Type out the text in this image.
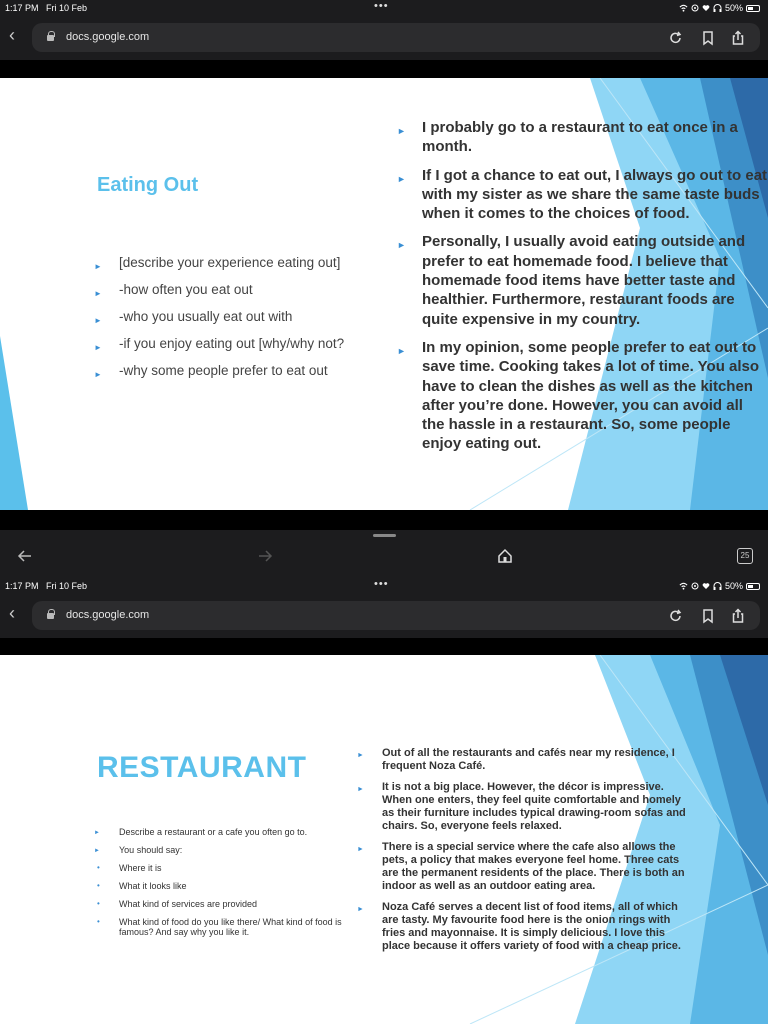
1:17 PM Fri 10 Feb	•••	50%
‹	docs.google.com
Eating Out
► [describe your experience eating out]
► -how often you eat out
► -who you usually eat out with
► -if you enjoy eating out [why/why not?
► -why some people prefer to eat out
► I probably go to a restaurant to eat once in a month.
► If I got a chance to eat out, I always go out to eat with my sister as we share the same taste buds when it comes to the choices of food.
► Personally, I usually avoid eating outside and prefer to eat homemade food. I believe that homemade food items have better taste and healthier. Furthermore, restaurant foods are quite expensive in my country.
► In my opinion, some people prefer to eat out to save time. Cooking takes a lot of time. You also have to clean the dishes as well as the kitchen after you’re done. However, you can avoid all the hassle in a restaurant. So, some people enjoy eating out.
25
1:17 PM Fri 10 Feb	•••	50%
‹	docs.google.com
RESTAURANT
► Describe a restaurant or a cafe you often go to.
► You should say:
• Where it is
• What it looks like
• What kind of services are provided
• What kind of food do you like there/ What kind of food is famous? And say why you like it.
► Out of all the restaurants and cafés near my residence, I frequent Noza Café.
► It is not a big place. However, the décor is impressive. When one enters, they feel quite comfortable and homely as their furniture includes typical drawing-room sofas and chairs. So, everyone feels relaxed.
► There is a special service where the cafe also allows the pets, a policy that makes everyone feel home. Three cats are the permanent residents of the place. There is both an indoor as well as an outdoor eating area.
► Noza Café serves a decent list of food items, all of which are tasty. My favourite food here is the onion rings with fries and mayonnaise. It is simply delicious. I love this place because it offers variety of food with a cheap price.
